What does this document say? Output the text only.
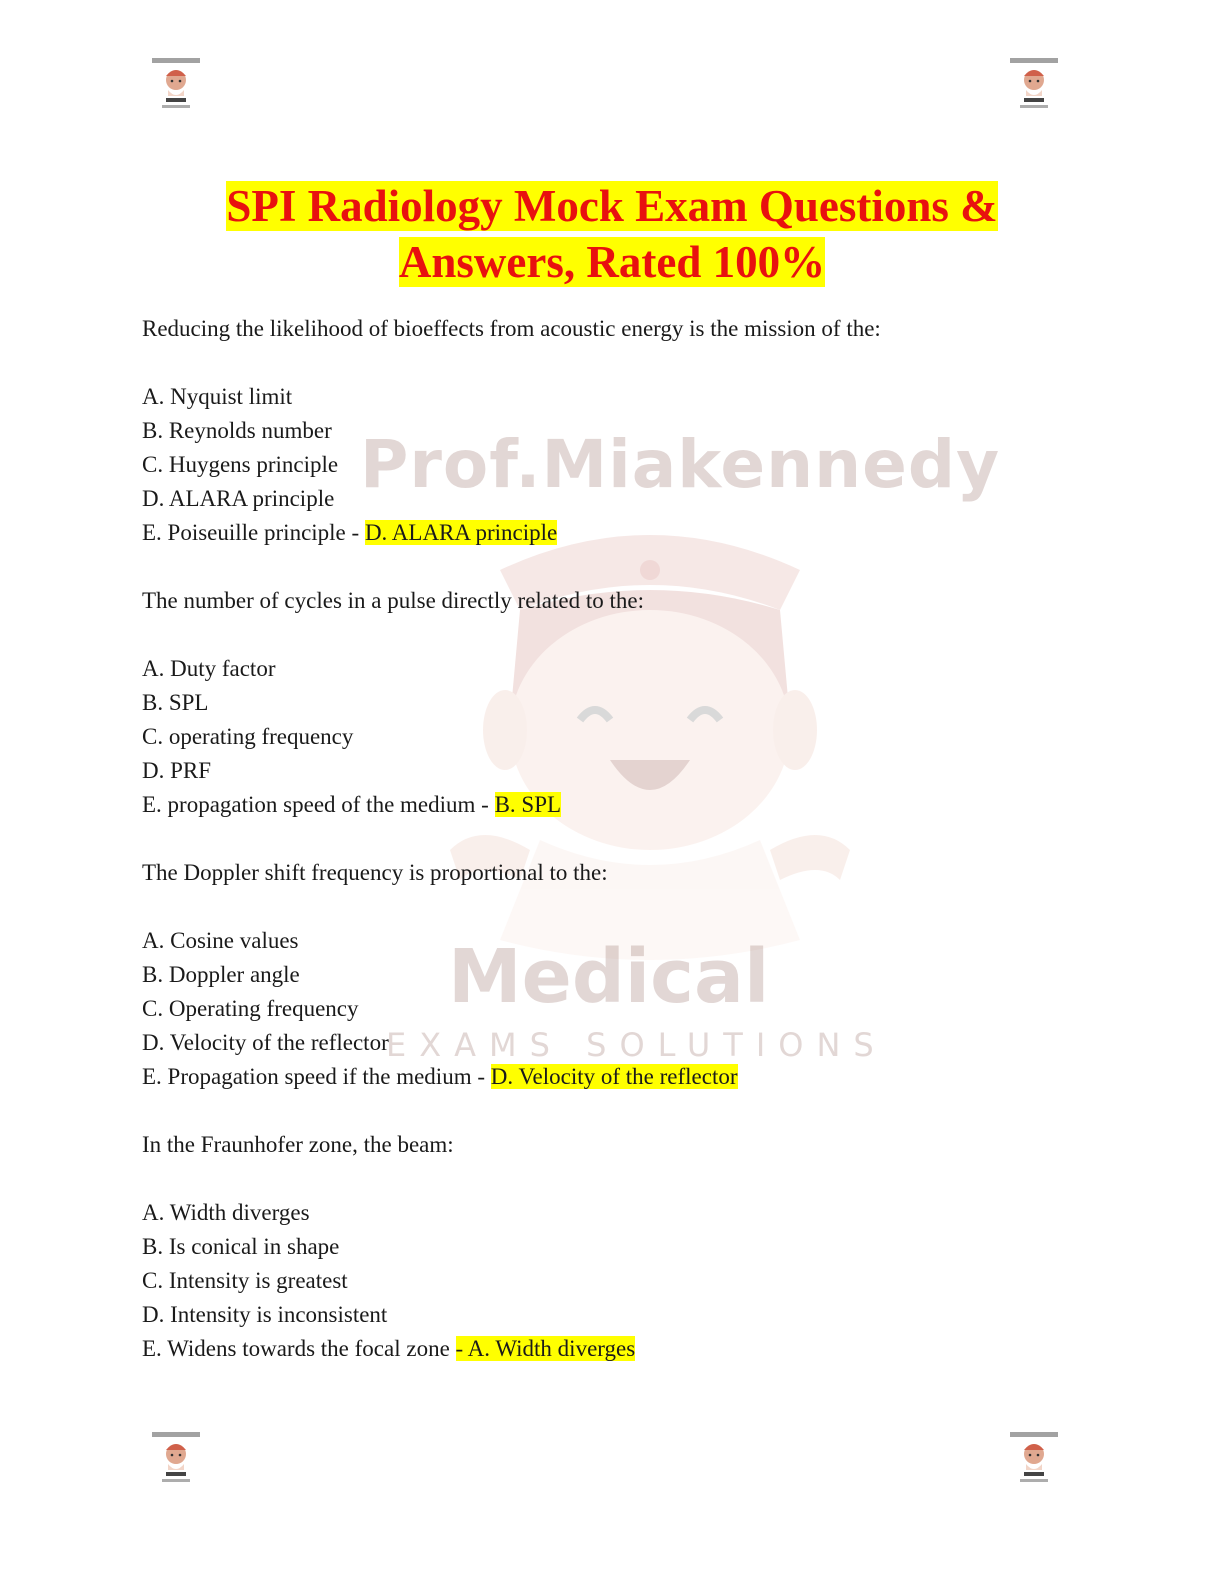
Prof.Miakennedy
Medical
EXAMS SOLUTIONS
SPI Radiology Mock Exam Questions &
Answers, Rated 100%
Reducing the likelihood of bioeffects from acoustic energy is the mission of the:
A. Nyquist limit
B. Reynolds number
C. Huygens principle
D. ALARA principle
E. Poiseuille principle - D. ALARA principle
The number of cycles in a pulse directly related to the:
A. Duty factor
B. SPL
C. operating frequency
D. PRF
E. propagation speed of the medium - B. SPL
The Doppler shift frequency is proportional to the:
A. Cosine values
B. Doppler angle
C. Operating frequency
D. Velocity of the reflector
E. Propagation speed if the medium - D. Velocity of the reflector
In the Fraunhofer zone, the beam:
A. Width diverges
B. Is conical in shape
C. Intensity is greatest
D. Intensity is inconsistent
E. Widens towards the focal zone - A. Width diverges
